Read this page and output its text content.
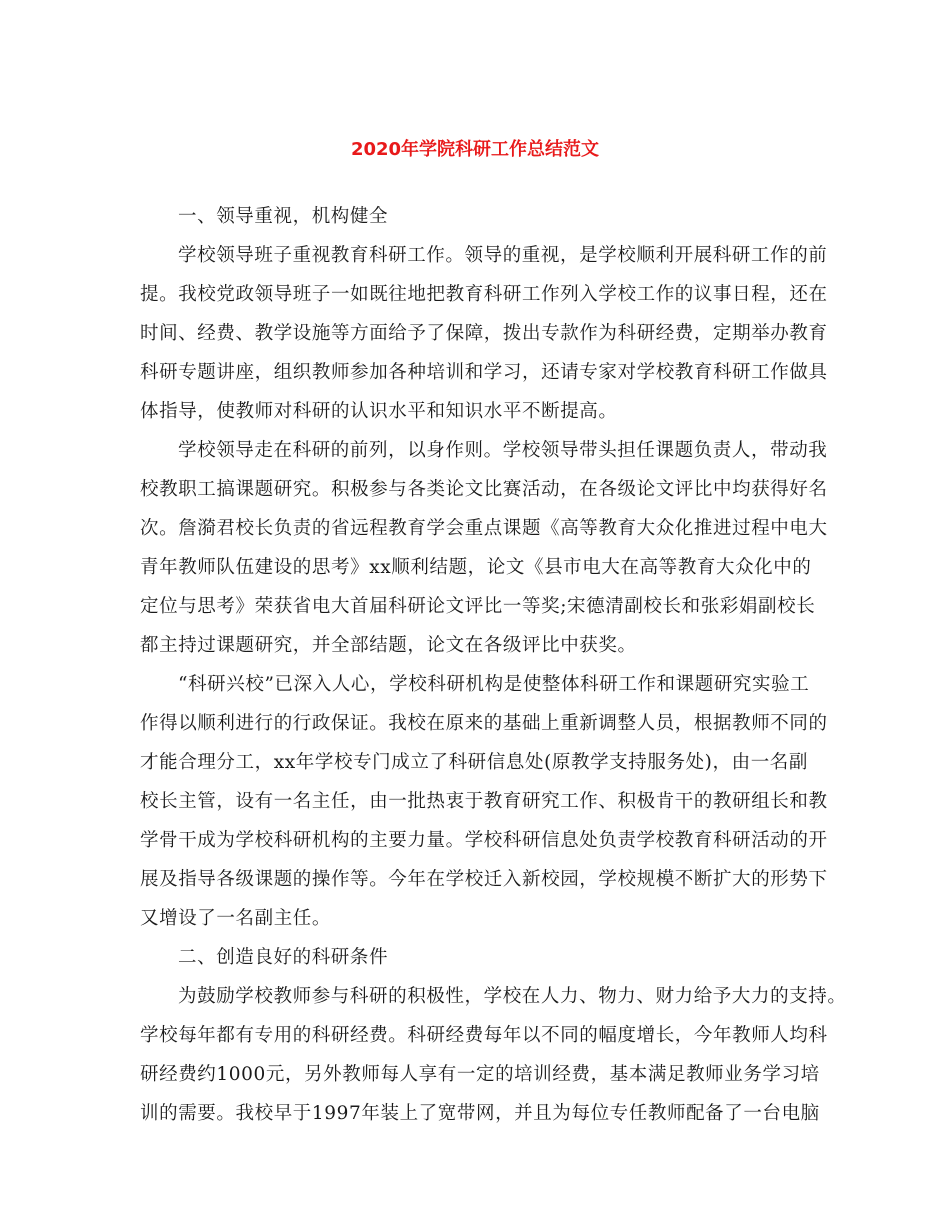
2020年学院科研工作总结范文
一、领导重视，机构健全
学校领导班子重视教育科研工作。领导的重视，是学校顺利开展科研工作的前
提。我校党政领导班子一如既往地把教育科研工作列入学校工作的议事日程，还在
时间、经费、教学设施等方面给予了保障，拨出专款作为科研经费，定期举办教育
科研专题讲座，组织教师参加各种培训和学习，还请专家对学校教育科研工作做具
体指导，使教师对科研的认识水平和知识水平不断提高。
学校领导走在科研的前列，以身作则。学校领导带头担任课题负责人，带动我
校教职工搞课题研究。积极参与各类论文比赛活动，在各级论文评比中均获得好名
次。詹漪君校长负责的省远程教育学会重点课题《高等教育大众化推进过程中电大
青年教师队伍建设的思考》xx顺利结题，论文《县市电大在高等教育大众化中的
定位与思考》荣获省电大首届科研论文评比一等奖;宋德清副校长和张彩娟副校长
都主持过课题研究，并全部结题，论文在各级评比中获奖。
“科研兴校”已深入人心，学校科研机构是使整体科研工作和课题研究实验工
作得以顺利进行的行政保证。我校在原来的基础上重新调整人员，根据教师不同的
才能合理分工，xx年学校专门成立了科研信息处(原教学支持服务处)，由一名副
校长主管，设有一名主任，由一批热衷于教育研究工作、积极肯干的教研组长和教
学骨干成为学校科研机构的主要力量。学校科研信息处负责学校教育科研活动的开
展及指导各级课题的操作等。今年在学校迁入新校园，学校规模不断扩大的形势下
又增设了一名副主任。
二、创造良好的科研条件
为鼓励学校教师参与科研的积极性，学校在人力、物力、财力给予大力的支持。
学校每年都有专用的科研经费。科研经费每年以不同的幅度增长，今年教师人均科
研经费约1000元，另外教师每人享有一定的培训经费，基本满足教师业务学习培
训的需要。我校早于1997年装上了宽带网，并且为每位专任教师配备了一台电脑
